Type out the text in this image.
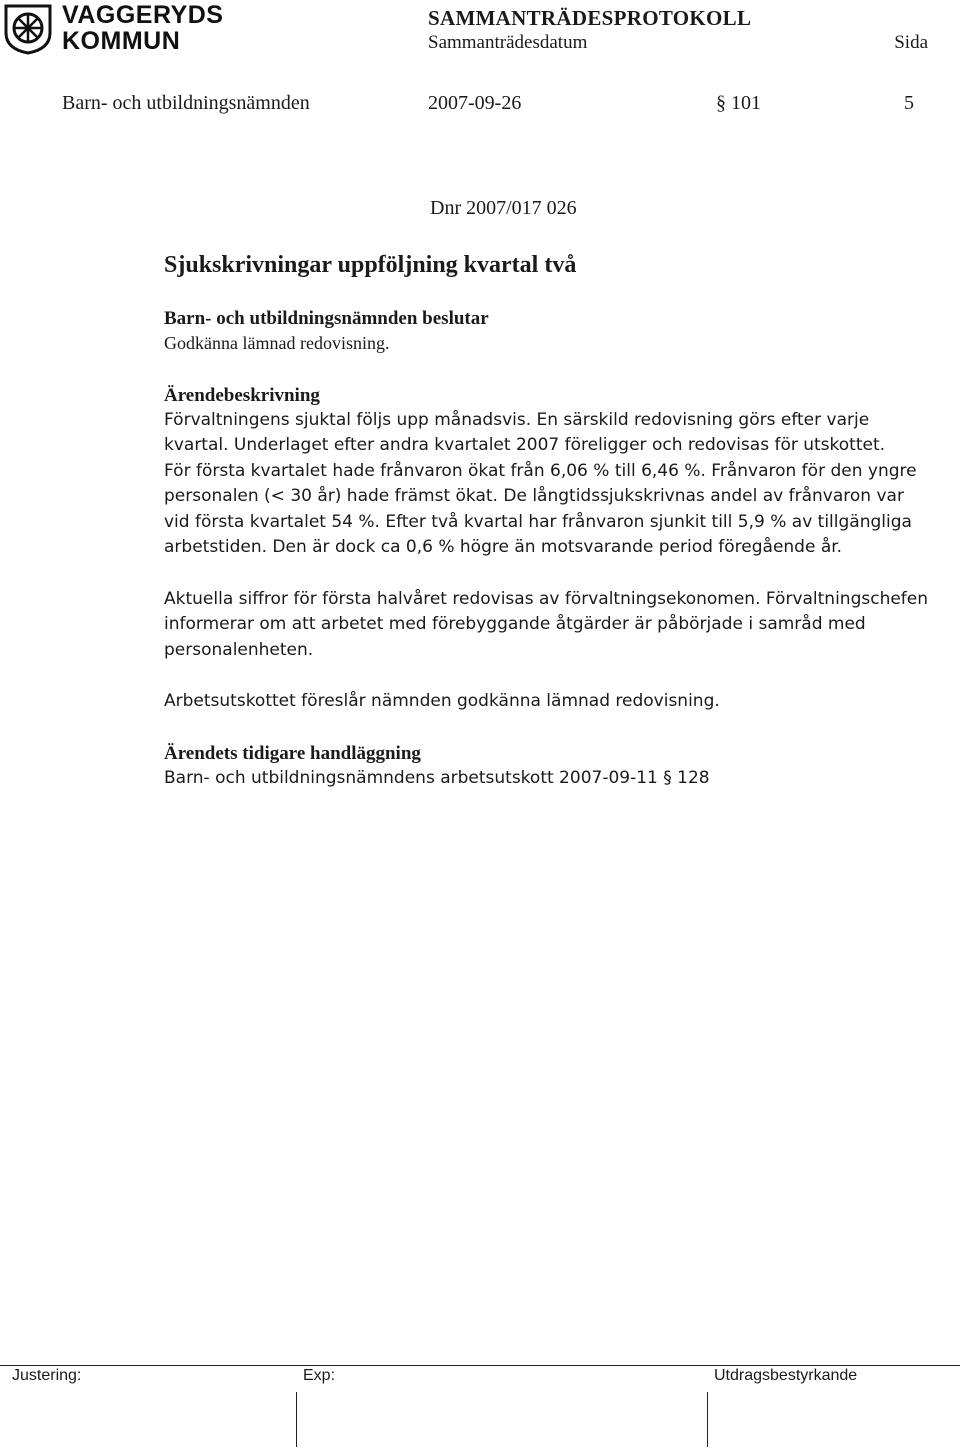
VAGGERYDS
KOMMUN
SAMMANTRÄDESPROTOKOLL
Sammanträdesdatum	Sida
Barn- och utbildningsnämnden	2007-09-26	§ 101	5
Dnr 2007/017 026
Sjukskrivningar uppföljning kvartal två
Barn- och utbildningsnämnden beslutar

Godkänna lämnad redovisning.

Ärendebeskrivning

Förvaltningens sjuktal följs upp månadsvis. En särskild redovisning görs efter varje kvartal. Underlaget efter andra kvartalet 2007 föreligger och redovisas för utskottet.

För första kvartalet hade frånvaron ökat från 6,06 % till 6,46 %. Frånvaron för den yngre personalen (< 30 år) hade främst ökat. De långtidssjukskrivnas andel av frånvaron var vid första kvartalet 54 %. Efter två kvartal har frånvaron sjunkit till 5,9 % av tillgängliga arbetstiden. Den är dock ca 0,6 % högre än motsvarande period föregående år.

Aktuella siffror för första halvåret redovisas av förvaltningsekonomen. Förvaltningschefen informerar om att arbetet med förebyggande åtgärder är påbörjade i samråd med personalenheten.

Arbetsutskottet föreslår nämnden godkänna lämnad redovisning.

Ärendets tidigare handläggning

Barn- och utbildningsnämndens arbetsutskott 2007-09-11 § 128

Justering:	Exp:	Utdragsbestyrkande
